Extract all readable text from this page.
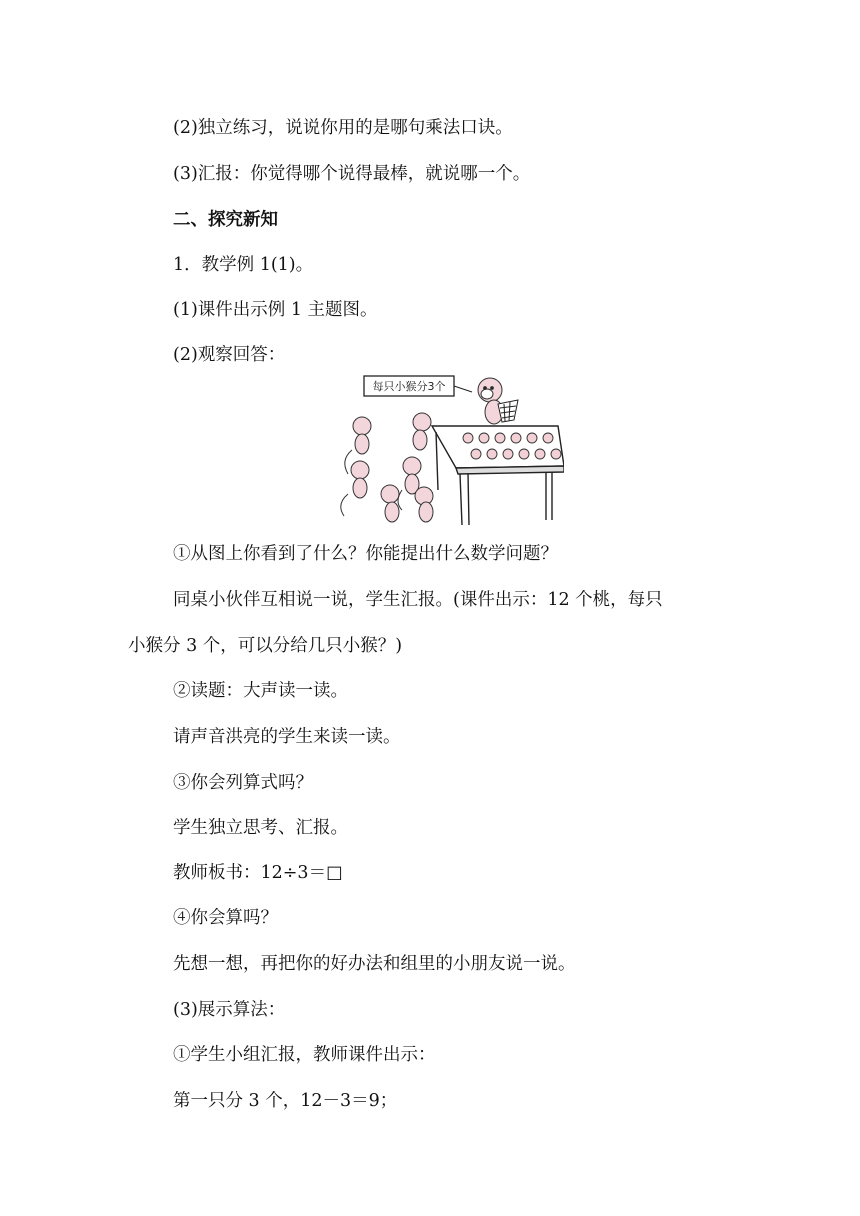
(2)独立练习，说说你用的是哪句乘法口诀。
(3)汇报：你觉得哪个说得最棒，就说哪一个。
二、探究新知
1．教学例 1(1)。
(1)课件出示例 1 主题图。
(2)观察回答：
每只小猴分3个
①从图上你看到了什么？你能提出什么数学问题？
同桌小伙伴互相说一说，学生汇报。(课件出示：12 个桃，每只
小猴分 3 个，可以分给几只小猴？)
②读题：大声读一读。
请声音洪亮的学生来读一读。
③你会列算式吗？
学生独立思考、汇报。
教师板书：12÷3＝□
④你会算吗？
先想一想，再把你的好办法和组里的小朋友说一说。
(3)展示算法：
①学生小组汇报，教师课件出示：
第一只分 3 个，12－3＝9；
